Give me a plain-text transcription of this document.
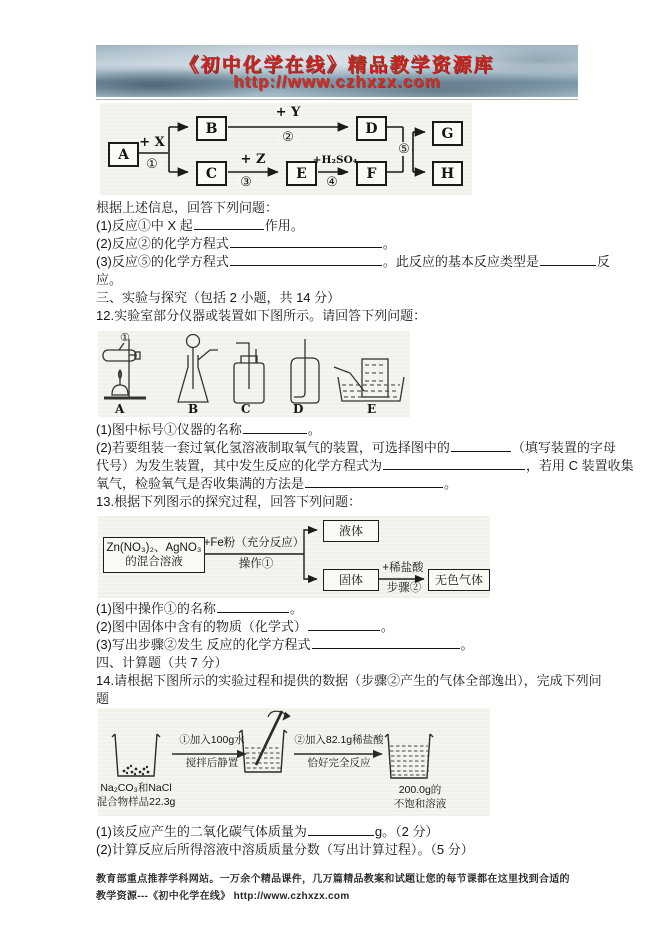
《初中化学在线》精品教学资源库
http://www.czhxzx.com
A
B
C
D
E	F
G
H
+ X
①
+ Y
②
+ Z
③
+H₂SO₄
④
⑤
根据上述信息，回答下列问题：
(1)反应①中 X 起	作用。
(2)反应②的化学方程式	。
(3)反应⑤的化学方程式	。此反应的基本反应类型是	反
应。
三、实验与探究（包括 2 小题，共 14 分）
12.实验室部分仪器或装置如下图所示。请回答下列问题：
①
A	B	C	D	E
(1)图中标号①仪器的名称	。
(2)若要组装一套过氧化氢溶液制取氧气的装置，可选择图中的	（填写装置的字母
代号）为发生装置，其中发生反应的化学方程式为	，若用 C 装置收集
氧气，检验氧气是否收集满的方法是	。
13.根据下列图示的探究过程，回答下列问题：
Zn(NO₃)₂、AgNO₃
的混合溶液
+Fe粉（充分反应）
操作①
液体
固体
+稀盐酸
步骤②
无色气体
(1)图中操作①的名称	。
(2)图中固体中含有的物质（化学式）	。
(3)写出步骤②发生 反应的化学方程式	。
四、计算题（共 7 分）
14.请根据下图所示的实验过程和提供的数据（步骤②产生的气体全部逸出），完成下列问
题
①加入100g水
搅拌后静置
②加入82.1g稀盐酸
恰好完全反应
Na₂CO₃和NaCl
混合物样品22.3g
200.0g的
不饱和溶液
(1)该反应产生的二氧化碳气体质量为	g。（2 分）
(2)计算反应后所得溶液中溶质质量分数（写出计算过程）。（5 分）
教育部重点推荐学科网站。一万余个精品课件，几万篇精品教案和试题让您的每节课都在这里找到合适的
教学资源---《初中化学在线》 http://www.czhxzx.com
